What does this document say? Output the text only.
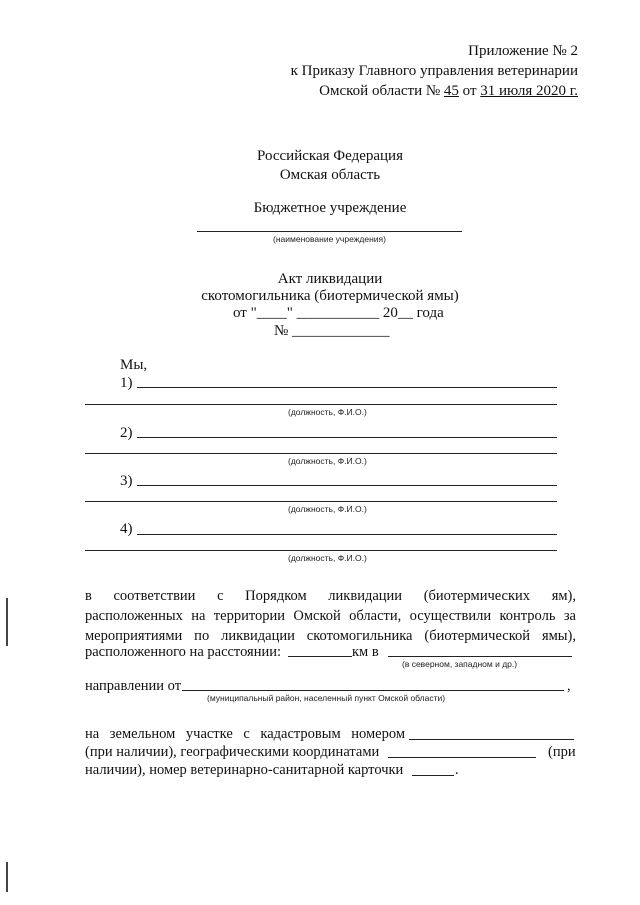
Приложение № 2
к Приказу Главного управления ветеринарии
Омской области № 45 от 31 июля 2020 г.
Российская Федерация
Омская область
Бюджетное учреждение
(наименование учреждения)
Акт ликвидации
скотомогильника (биотермической ямы)
от "____" ___________ 20__ года
№ _____________
Мы,
1)
(должность, Ф.И.О.)
2)
(должность, Ф.И.О.)
3)
(должность, Ф.И.О.)
4)
(должность, Ф.И.О.)
в соответствии с Порядком ликвидации (биотермических ям),
расположенных на территории Омской области, осуществили контроль за
мероприятиями по ликвидации скотомогильника (биотермической ямы),
расположенного на расстоянии:	км в
(в северном, западном и др.)
направлении от	,
(муниципальный район, населенный пункт Омской области)
на земельном участке с кадастровым номером
(при наличии), географическими координатами	(при
наличии), номер ветеринарно-санитарной карточки	.
